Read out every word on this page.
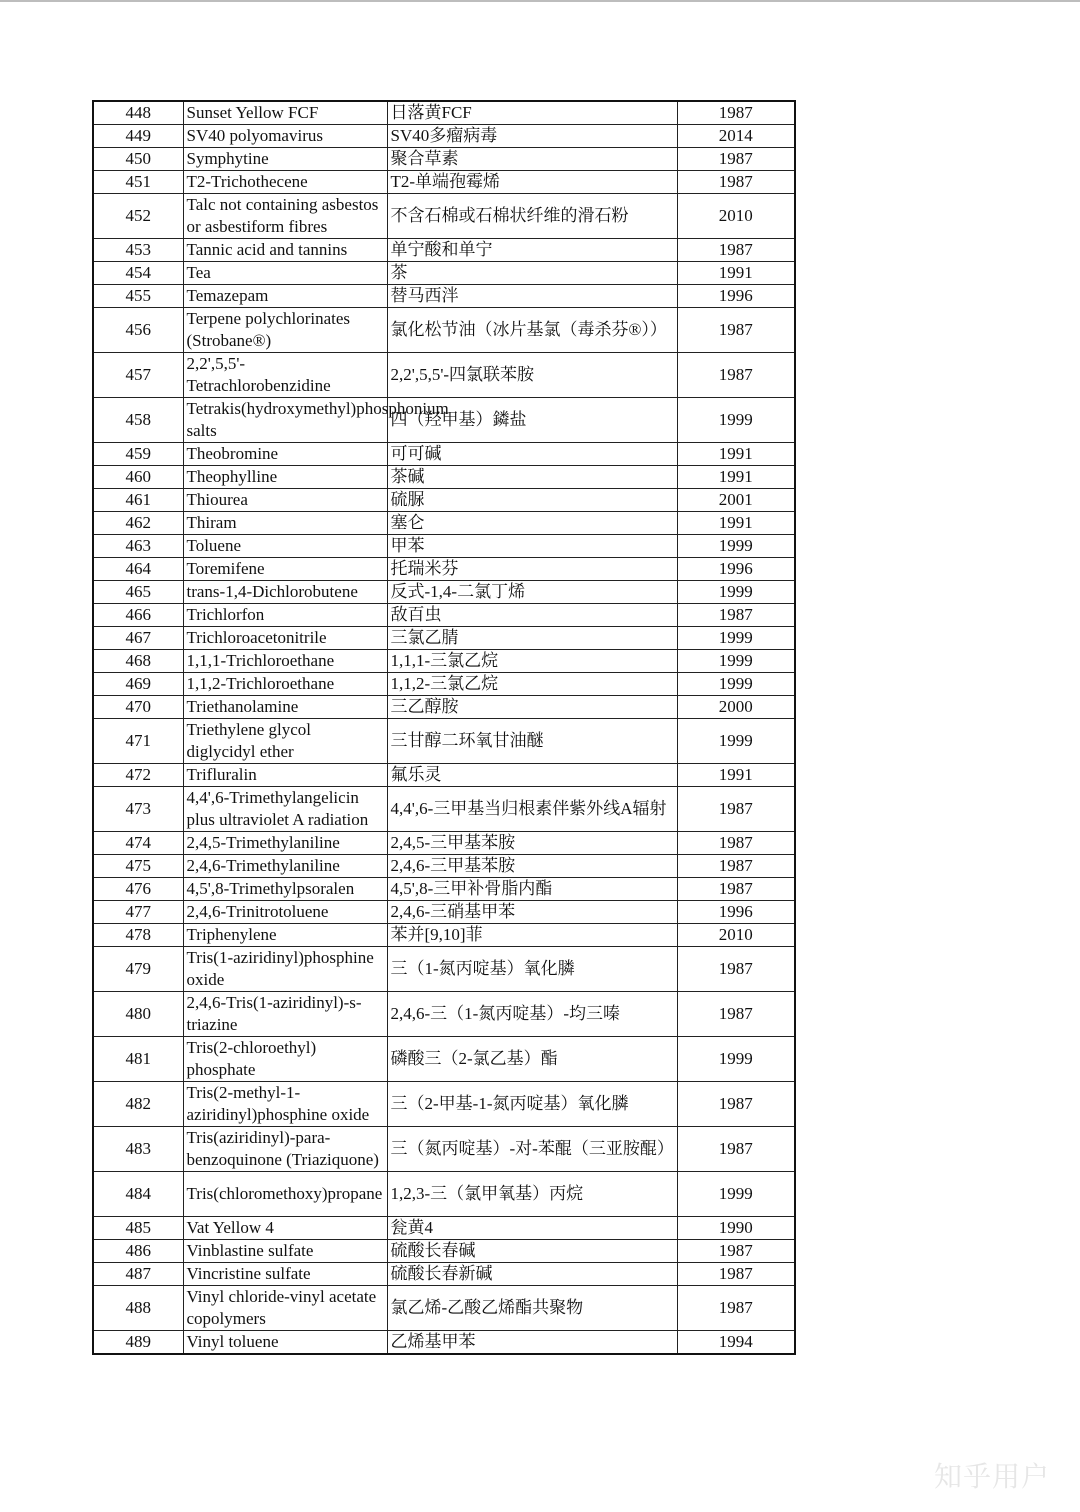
448	Sunset Yellow FCF	日落黄FCF	1987
449	SV40 polyomavirus	SV40多瘤病毒	2014
450	Symphytine	聚合草素	1987
451	T2-Trichothecene	T2-单端孢霉烯	1987
452	Talc not containing asbestos or asbestiform fibres	不含石棉或石棉状纤维的滑石粉	2010
453	Tannic acid and tannins	单宁酸和单宁	1987
454	Tea	茶	1991
455	Temazepam	替马西泮	1996
456	Terpene polychlorinates (Strobane®)	氯化松节油（冰片基氯（毒杀芬®））	1987
457	2,2',5,5'-Tetrachlorobenzidine	2,2',5,5'-四氯联苯胺	1987
458	Tetrakis(hydroxymethyl)phosphonium salts	四（羟甲基）鏻盐	1999
459	Theobromine	可可碱	1991
460	Theophylline	茶碱	1991
461	Thiourea	硫脲	2001
462	Thiram	塞仑	1991
463	Toluene	甲苯	1999
464	Toremifene	托瑞米芬	1996
465	trans-1,4-Dichlorobutene	反式-1,4-二氯丁烯	1999
466	Trichlorfon	敌百虫	1987
467	Trichloroacetonitrile	三氯乙腈	1999
468	1,1,1-Trichloroethane	1,1,1-三氯乙烷	1999
469	1,1,2-Trichloroethane	1,1,2-三氯乙烷	1999
470	Triethanolamine	三乙醇胺	2000
471	Triethylene glycol diglycidyl ether	三甘醇二环氧甘油醚	1999
472	Trifluralin	氟乐灵	1991
473	4,4',6-Trimethylangelicin plus ultraviolet A radiation	4,4',6-三甲基当归根素伴紫外线A辐射	1987
474	2,4,5-Trimethylaniline	2,4,5-三甲基苯胺	1987
475	2,4,6-Trimethylaniline	2,4,6-三甲基苯胺	1987
476	4,5',8-Trimethylpsoralen	4,5',8-三甲补骨脂内酯	1987
477	2,4,6-Trinitrotoluene	2,4,6-三硝基甲苯	1996
478	Triphenylene	苯并[9,10]菲	2010
479	Tris(1-aziridinyl)phosphine oxide	三（1-氮丙啶基）氧化膦	1987
480	2,4,6-Tris(1-aziridinyl)-s-triazine	2,4,6-三（1-氮丙啶基）-均三嗪	1987
481	Tris(2-chloroethyl) phosphate	磷酸三（2-氯乙基）酯	1999
482	Tris(2-methyl-1-aziridinyl)phosphine oxide	三（2-甲基-1-氮丙啶基）氧化膦	1987
483	Tris(aziridinyl)-para-benzoquinone (Triaziquone)	三（氮丙啶基）-对-苯醌（三亚胺醌）	1987
484	Tris(chloromethoxy)propane	1,2,3-三（氯甲氧基）丙烷	1999
485	Vat Yellow 4	瓮黄4	1990
486	Vinblastine sulfate	硫酸长春碱	1987
487	Vincristine sulfate	硫酸长春新碱	1987
488	Vinyl chloride-vinyl acetate copolymers	氯乙烯-乙酸乙烯酯共聚物	1987
489	Vinyl toluene	乙烯基甲苯	1994
知乎用户
